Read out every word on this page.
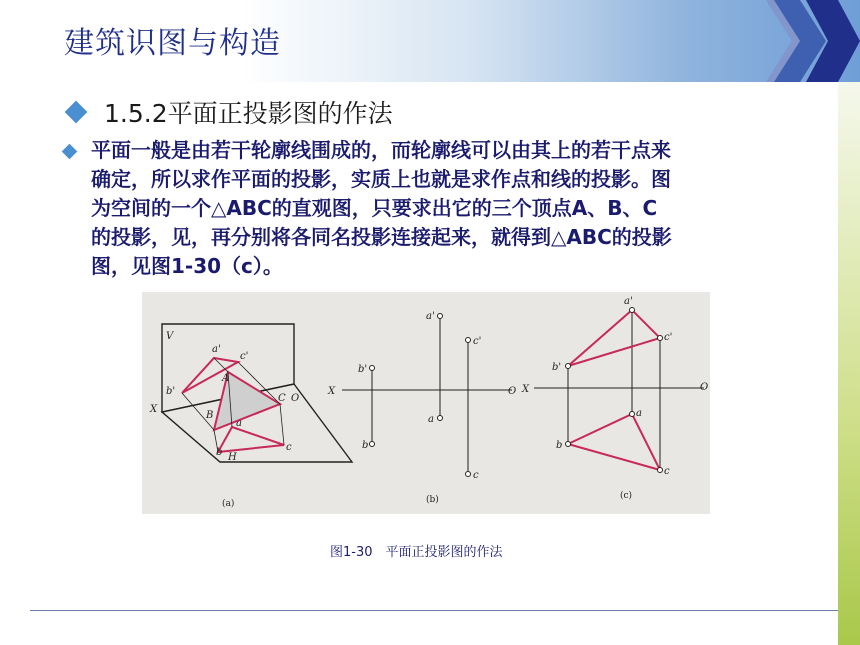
建筑识图与构造
1.5.2平面正投影图的作法

平面一般是由若干轮廓线围成的，而轮廓线可以由其上的若干点来

确定，所以求作平面的投影，实质上也就是求作点和线的投影。图

为空间的一个△ABC的直观图，只要求出它的三个顶点A、B、C

的投影，见，再分别将各同名投影连接起来，就得到△ABC的投影

图，见图1-30（c）。

V
a'
c'
A
b'
C O
X
B
a
b	c
H
(a)
a'
c'
b'
X	O
a
b
c
(b)
a'
c'
b'
X	O
a
b
c
(c)
图1-30　平面正投影图的作法
